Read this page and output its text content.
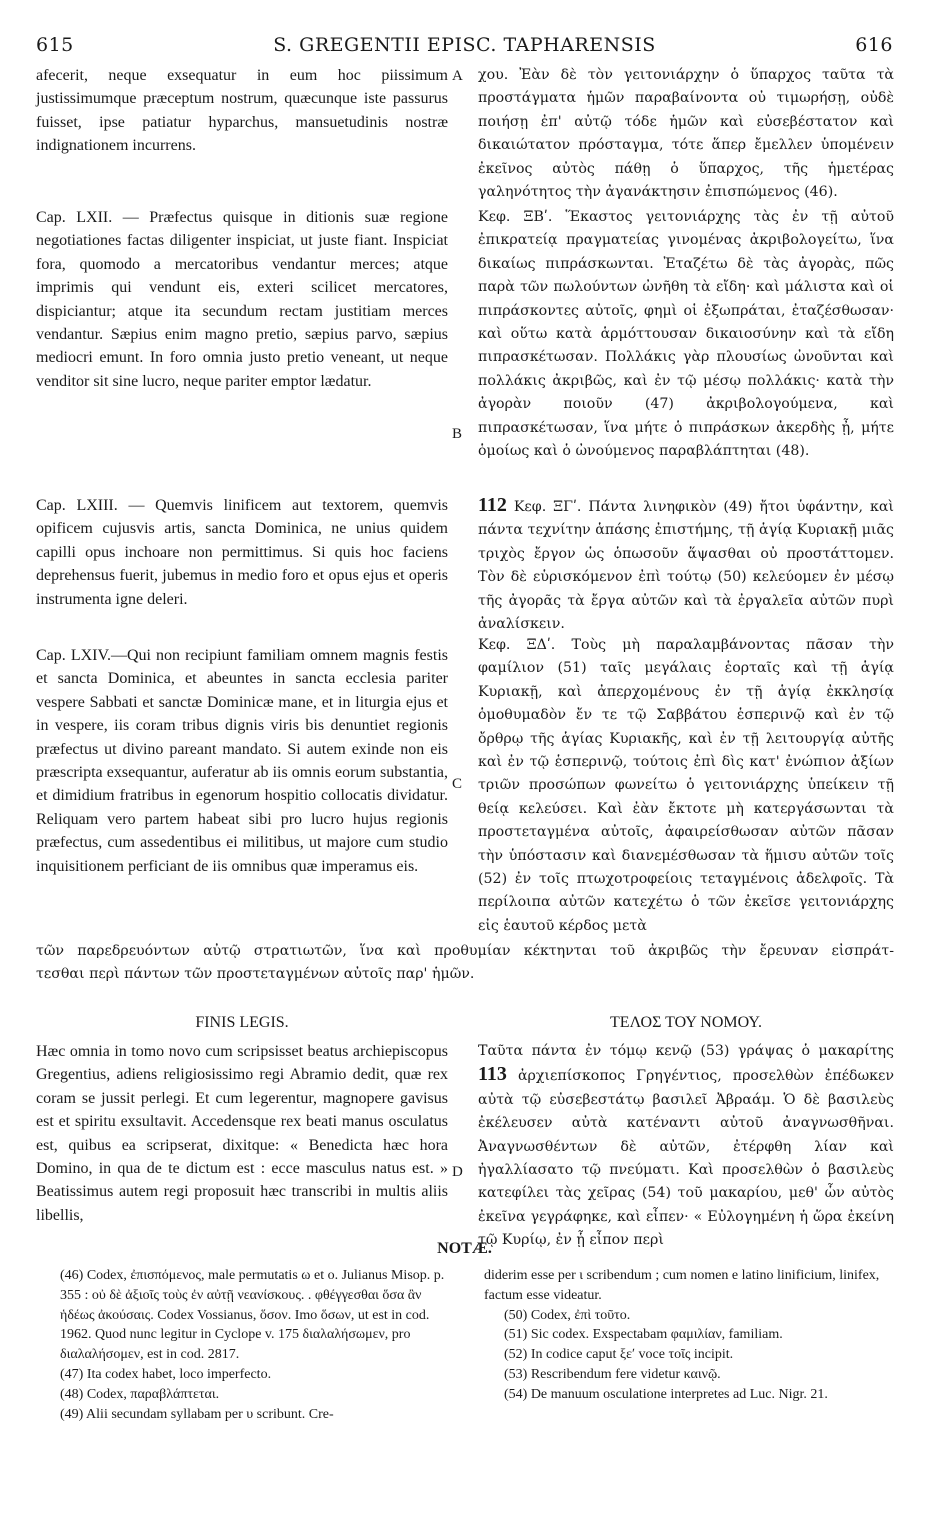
615	S. GREGENTII EPISC. TAPHARENSIS	616
A
B
C
D

afecerit, neque exsequatur in eum hoc piissimum justissimumque præceptum nostrum, quæcunque iste passurus fuisset, ipse patiatur hyparchus, mansuetudinis nostræ indignationem incurrens.

Cap. LXII. — Præfectus quisque in ditionis suæ regione negotiationes factas diligenter inspiciat, ut juste fiant. Inspiciat fora, quomodo a mercatoribus vendantur merces; atque imprimis qui vendunt eis, exteri scilicet mercatores, dispiciantur; atque ita secundum rectam justitiam merces vendantur. Sæpius enim magno pretio, sæpius parvo, sæpius mediocri emunt. In foro omnia justo pretio veneant, ut neque venditor sit sine lucro, neque pariter emptor lædatur.

Cap. LXIII. — Quemvis linificem aut textorem, quemvis opificem cujusvis artis, sancta Dominica, ne unius quidem capilli opus inchoare non permittimus. Si quis hoc faciens deprehensus fuerit, jubemus in medio foro et opus ejus et operis instrumenta igne deleri.

Cap. LXIV.—Qui non recipiunt familiam omnem magnis festis et sancta Dominica, et abeuntes in sancta ecclesia pariter vespere Sabbati et sanctæ Dominicæ mane, et in liturgia ejus et in vespere, iis coram tribus dignis viris bis denuntiet regionis præfectus ut divino pareant mandato. Si autem exinde non eis præscripta exsequantur, auferatur ab iis omnis eorum substantia, et dimidium fratribus in egenorum hospitio collocatis dividatur. Reliquam vero partem habeat sibi pro lucro hujus regionis præfectus, cum assedentibus ei militibus, ut majore cum studio inquisitionem perficiant de iis omnibus quæ imperamus eis.

χου. Ἐὰν δὲ τὸν γειτονιάρχην ὁ ὕπαρχος ταῦτα τὰ προστάγματα ἡμῶν παραβαίνοντα οὐ τιμωρήσῃ, οὐδὲ ποιήσῃ ἐπ' αὐτῷ τόδε ἡμῶν καὶ εὐσεβέστατον καὶ δικαιώτατον πρόσταγμα, τότε ἅπερ ἔμελλεν ὑπομένειν ἐκεῖνος αὐτὸς πάθῃ ὁ ὕπαρχος, τῆς ἡμετέρας γαληνότητος τὴν ἀγανάκτησιν ἐπισπώμενος (46).

Κεφ. ΞΒʹ. Ἕκαστος γειτονιάρχης τὰς ἐν τῇ αὐτοῦ ἐπικρατείᾳ πραγματείας γινομένας ἀκριβολογείτω, ἵνα δικαίως πιπράσκωνται. Ἐταζέτω δὲ τὰς ἀγορὰς, πῶς παρὰ τῶν πωλούντων ὠνῆθη τὰ εἴδη· καὶ μάλιστα καὶ οἱ πιπράσκοντες αὐτοῖς, φημὶ οἱ ἐξωπράται, ἐταζέσθωσαν· καὶ οὕτω κατὰ ἁρμόττουσαν δικαιοσύνην καὶ τὰ εἴδη πιπρασκέτωσαν. Πολλάκις γὰρ πλουσίως ὠνοῦνται καὶ πολλάκις ἀκριβῶς, καὶ ἐν τῷ μέσῳ πολλάκις· κατὰ τὴν ἀγορὰν ποιοῦν (47) ἀκριβολογούμενα, καὶ πιπρασκέτωσαν, ἵνα μήτε ὁ πιπράσκων ἀκερδὴς ᾖ, μήτε ὁμοίως καὶ ὁ ὠνούμενος παραβλάπτηται (48).

112 Κεφ. ΞΓʹ. Πάντα λινηφικὸν (49) ἤτοι ὑφάντην, καὶ πάντα τεχνίτην ἁπάσης ἐπιστήμης, τῇ ἁγίᾳ Κυριακῇ μιᾶς τριχὸς ἔργον ὡς ὁπωσοῦν ἅψασθαι οὐ προστάττομεν. Τὸν δὲ εὑρισκόμενον ἐπὶ τούτῳ (50) κελεύομεν ἐν μέσῳ τῆς ἀγορᾶς τὰ ἔργα αὐτῶν καὶ τὰ ἐργαλεῖα αὐτῶν πυρὶ ἀναλίσκειν.

Κεφ. ΞΔʹ. Τοὺς μὴ παραλαμβάνοντας πᾶσαν τὴν φαμίλιον (51) ταῖς μεγάλαις ἑορταῖς καὶ τῇ ἁγίᾳ Κυριακῇ, καὶ ἀπερχομένους ἐν τῇ ἁγίᾳ ἐκκλησίᾳ ὁμοθυμαδὸν ἔν τε τῷ Σαββάτου ἑσπερινῷ καὶ ἐν τῷ ὄρθρῳ τῆς ἁγίας Κυριακῆς, καὶ ἐν τῇ λειτουργίᾳ αὐτῆς καὶ ἐν τῷ ἑσπερινῷ, τούτοις ἐπὶ δὶς κατ' ἐνώπιον ἀξίων τριῶν προσώπων φωνείτω ὁ γειτονιάρχης ὑπείκειν τῇ θείᾳ κελεύσει. Καὶ ἐὰν ἔκτοτε μὴ κατεργάσωνται τὰ προστεταγμένα αὐτοῖς, ἀφαιρείσθωσαν αὐτῶν πᾶσαν τὴν ὑπόστασιν καὶ διανεμέσθωσαν τὰ ἥμισυ αὐτῶν τοῖς (52) ἐν τοῖς πτωχοτροφείοις τεταγμένοις ἀδελφοῖς. Τὰ περίλοιπα αὐτῶν κατεχέτω ὁ τῶν ἐκεῖσε γειτονιάρχης εἰς ἑαυτοῦ κέρδος μετὰ

τῶν παρεδρευόντων αὐτῷ στρατιωτῶν, ἵνα καὶ προθυμίαν κέκτηνται τοῦ ἀκριβῶς τὴν ἔρευναν εἰσπράτ-
τεσθαι περὶ πάντων τῶν προστεταγμένων αὐτοῖς παρ' ἡμῶν.
FINIS LEGIS.	ΤΕΛΟΣ ΤΟΥ ΝΟΜΟΥ.

Hæc omnia in tomo novo cum scripsisset beatus archiepiscopus Gregentius, adiens religiosissimo regi Abramio dedit, quæ rex coram se jussit perlegi. Et cum legerentur, magnopere gavisus est et spiritu exsultavit. Accedensque rex beati manus osculatus est, quibus ea scripserat, dixitque: « Benedicta hæc hora Domino, in qua de te dictum est : ecce masculus natus est. » Beatissimus autem regi proposuit hæc transcribi in multis aliis libellis,

Ταῦτα πάντα ἐν τόμῳ κενῷ (53) γράψας ὁ μακαρίτης 113 ἀρχιεπίσκοπος Γρηγέντιος, προσελθὼν ἐπέδωκεν αὐτὰ τῷ εὐσεβεστάτῳ βασιλεῖ Ἀβραάμ. Ὁ δὲ βασιλεὺς ἐκέλευσεν αὐτὰ κατέναντι αὐτοῦ ἀναγνωσθῆναι. Ἀναγνωσθέντων δὲ αὐτῶν, ἐτέρφθη λίαν καὶ ἠγαλλίασατο τῷ πνεύματι. Καὶ προσελθὼν ὁ βασιλεὺς κατεφίλει τὰς χεῖρας (54) τοῦ μακαρίου, μεθ' ὧν αὐτὸς ἐκεῖνα γεγράφηκε, καὶ εἶπεν· « Εὐλογημένη ἡ ὥρα ἐκείνη τῷ Κυρίῳ, ἐν ᾗ εἶπον περὶ

NOTÆ.

(46) Codex, ἐπισπόμενος, male permutatis ω et ο. Julianus Misop. p. 355 : οὐ δὲ ἀξιοῖς τοὺς ἐν αὐτῇ νεανίσκους. . φθέγγεσθαι ὅσα ἂν ἡδέως ἀκούσαις. Codex Vossianus, ὅσον. Imo ὅσων, ut est in cod. 1962. Quod nunc legitur in Cyclope v. 175 διαλαλήσωμεν, pro διαλαλήσομεν, est in cod. 2817.

(47) Ita codex habet, loco imperfecto.

(48) Codex, παραβλάπτεται.

(49) Alii secundam syllabam per υ scribunt. Cre-

diderim esse per ι scribendum ; cum nomen e latino linificium, linifex, factum esse videatur.

(50) Codex, ἐπὶ τοῦτο.

(51) Sic codex. Exspectabam φαμιλίαν, familiam.

(52) In codice caput ξεʹ voce τοῖς incipit.

(53) Rescribendum fere videtur καινῷ.

(54) De manuum osculatione interpretes ad Luc. Nigr. 21.
